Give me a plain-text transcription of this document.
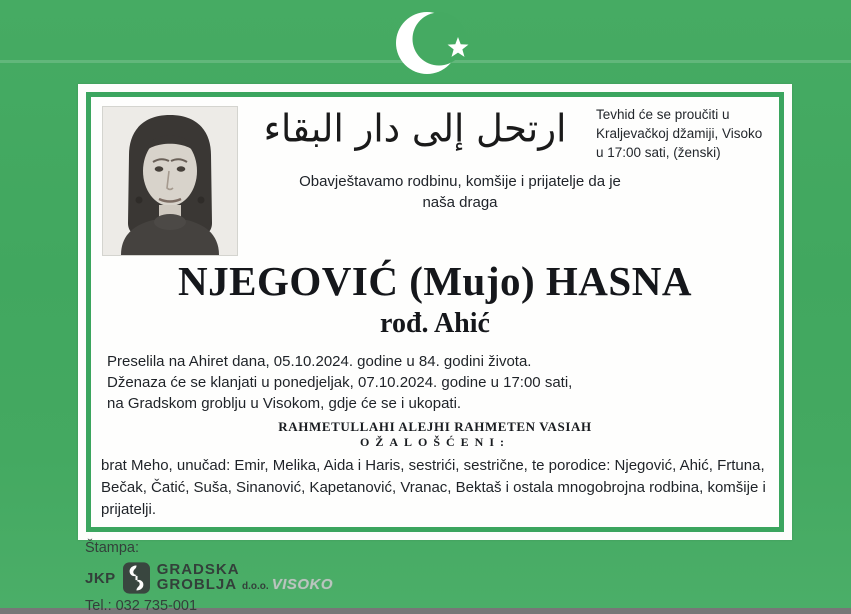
ارتحل إلى دار البقاء	Tevhid će se proučiti u
Kraljevačkoj džamiji, Visoko
u 17:00 sati, (ženski)
Obavještavamo rodbinu, komšije i prijatelje da je
naša draga
NJEGOVIĆ (Mujo) HASNA
rođ. Ahić
Preselila na Ahiret dana, 05.10.2024. godine u 84. godini života.
Dženaza će se klanjati u ponedjeljak, 07.10.2024. godine u 17:00 sati,
na Gradskom groblju u Visokom, gdje će se i ukopati.
RAHMETULLAHI ALEJHI RAHMETEN VASIAH
OŽALOŠĆENI:
brat Meho, unučad: Emir, Melika, Aida i Haris, sestrići, sestrične, te porodice: Njegović, Ahić, Frtuna, Bečak, Čatić, Suša, Sinanović, Kapetanović, Vranac, Bektaš i ostala mnogobrojna rodbina, komšije i prijatelji.
Štampa:
JKP	GRADSKA
GROBLJA d.o.o. VISOKO
Tel.: 032 735-001
